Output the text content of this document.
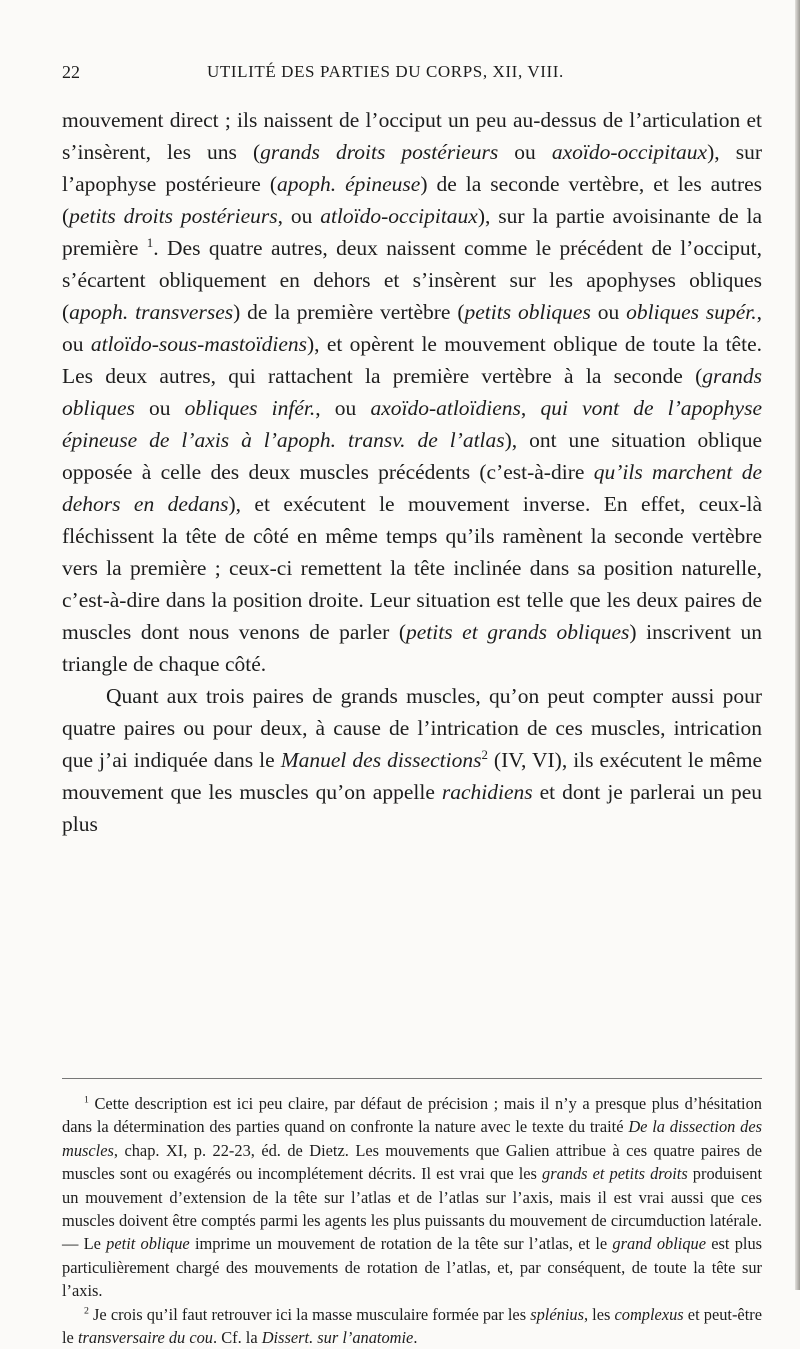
22	UTILITÉ DES PARTIES DU CORPS, XII, VIII.

mouvement direct ; ils naissent de l’occiput un peu au-dessus de l’articulation et s’insèrent, les uns (grands droits postérieurs ou axoïdo-occipitaux), sur l’apophyse postérieure (apoph. épineuse) de la seconde vertèbre, et les autres (petits droits postérieurs, ou atloïdo-occipitaux), sur la partie avoisinante de la première $^1$. Des quatre autres, deux naissent comme le précédent de l’occiput, s’écartent obliquement en dehors et s’insèrent sur les apophyses obliques (apoph. transverses) de la première vertèbre (petits obliques ou obliques supér., ou atloïdo-sous-mastoïdiens), et opèrent le mouvement oblique de toute la tête. Les deux autres, qui rattachent la première vertèbre à la seconde (grands obliques ou obliques infér., ou axoïdo-atloïdiens, qui vont de l’apophyse épineuse de l’axis à l’apoph. transv. de l’atlas), ont une situation oblique opposée à celle des deux muscles précédents (c’est-à-dire qu’ils marchent de dehors en dedans), et exécutent le mouvement inverse. En effet, ceux-là fléchissent la tête de côté en même temps qu’ils ramènent la seconde vertèbre vers la première ; ceux-ci remettent la tête inclinée dans sa position naturelle, c’est-à-dire dans la position droite. Leur situation est telle que les deux paires de muscles dont nous venons de parler (petits et grands obliques) inscrivent un triangle de chaque côté.

Quant aux trois paires de grands muscles, qu’on peut compter aussi pour quatre paires ou pour deux, à cause de l’intrication de ces muscles, intrication que j’ai indiquée dans le Manuel des dissections$^2$ (IV, VI), ils exécutent le même mouvement que les muscles qu’on appelle rachidiens et dont je parlerai un peu plus

$^1$ Cette description est ici peu claire, par défaut de précision ; mais il n’y a presque plus d’hésitation dans la détermination des parties quand on confronte la nature avec le texte du traité De la dissection des muscles, chap. XI, p. 22-23, éd. de Dietz. Les mouvements que Galien attribue à ces quatre paires de muscles sont ou exagérés ou incomplétement décrits. Il est vrai que les grands et petits droits produisent un mouvement d’extension de la tête sur l’atlas et de l’atlas sur l’axis, mais il est vrai aussi que ces muscles doivent être comptés parmi les agents les plus puissants du mouvement de circumduction latérale. — Le petit oblique imprime un mouvement de rotation de la tête sur l’atlas, et le grand oblique est plus particulièrement chargé des mouvements de rotation de l’atlas, et, par conséquent, de toute la tête sur l’axis.

$^2$ Je crois qu’il faut retrouver ici la masse musculaire formée par les splénius, les complexus et peut-être le transversaire du cou. Cf. la Dissert. sur l’anatomie.
